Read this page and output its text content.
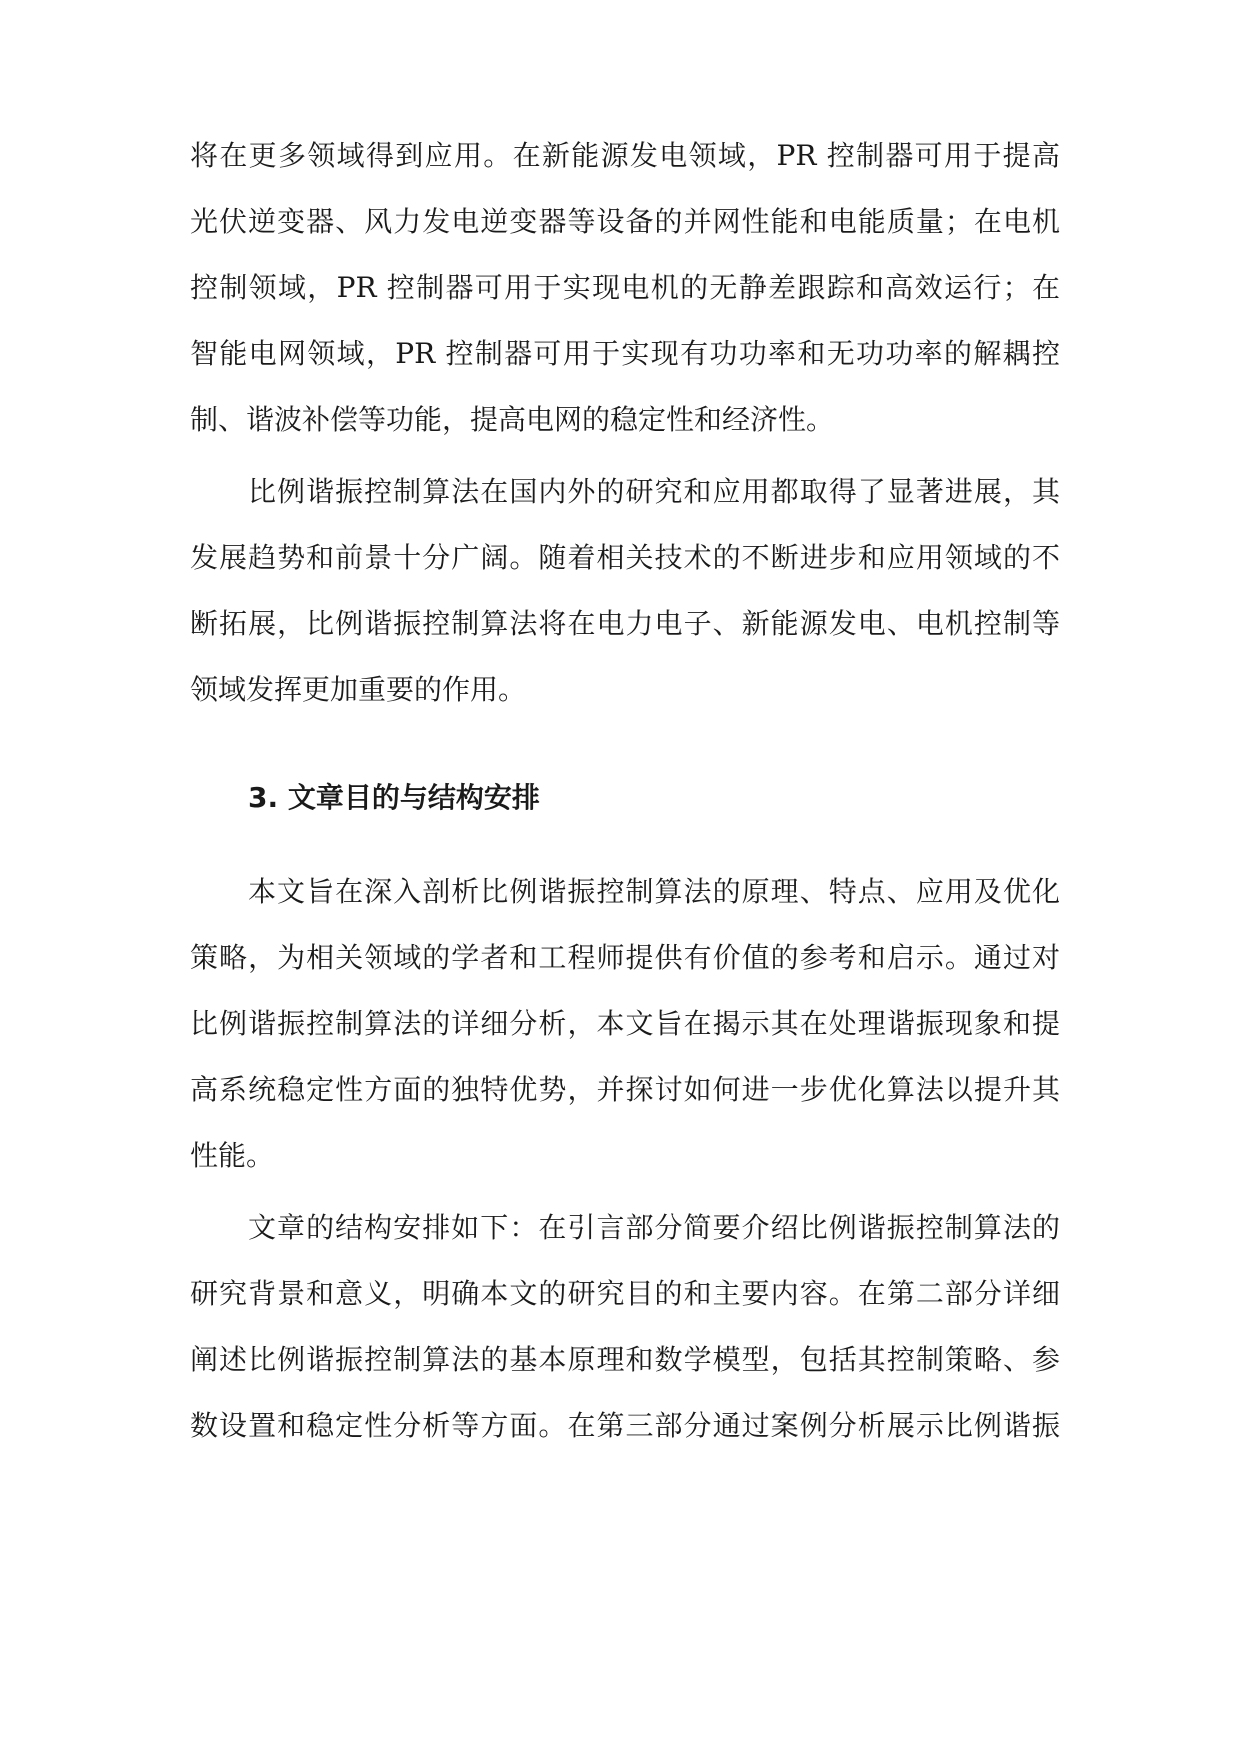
将在更多领域得到应用。在新能源发电领域，PR 控制器可用于提高
光伏逆变器、风力发电逆变器等设备的并网性能和电能质量；在电机
控制领域，PR 控制器可用于实现电机的无静差跟踪和高效运行；在
智能电网领域，PR 控制器可用于实现有功功率和无功功率的解耦控
制、谐波补偿等功能，提高电网的稳定性和经济性。
比例谐振控制算法在国内外的研究和应用都取得了显著进展，其
发展趋势和前景十分广阔。随着相关技术的不断进步和应用领域的不
断拓展，比例谐振控制算法将在电力电子、新能源发电、电机控制等
领域发挥更加重要的作用。
3. 文章目的与结构安排
本文旨在深入剖析比例谐振控制算法的原理、特点、应用及优化
策略，为相关领域的学者和工程师提供有价值的参考和启示。通过对
比例谐振控制算法的详细分析，本文旨在揭示其在处理谐振现象和提
高系统稳定性方面的独特优势，并探讨如何进一步优化算法以提升其
性能。
文章的结构安排如下：在引言部分简要介绍比例谐振控制算法的
研究背景和意义，明确本文的研究目的和主要内容。在第二部分详细
阐述比例谐振控制算法的基本原理和数学模型，包括其控制策略、参
数设置和稳定性分析等方面。在第三部分通过案例分析展示比例谐振
